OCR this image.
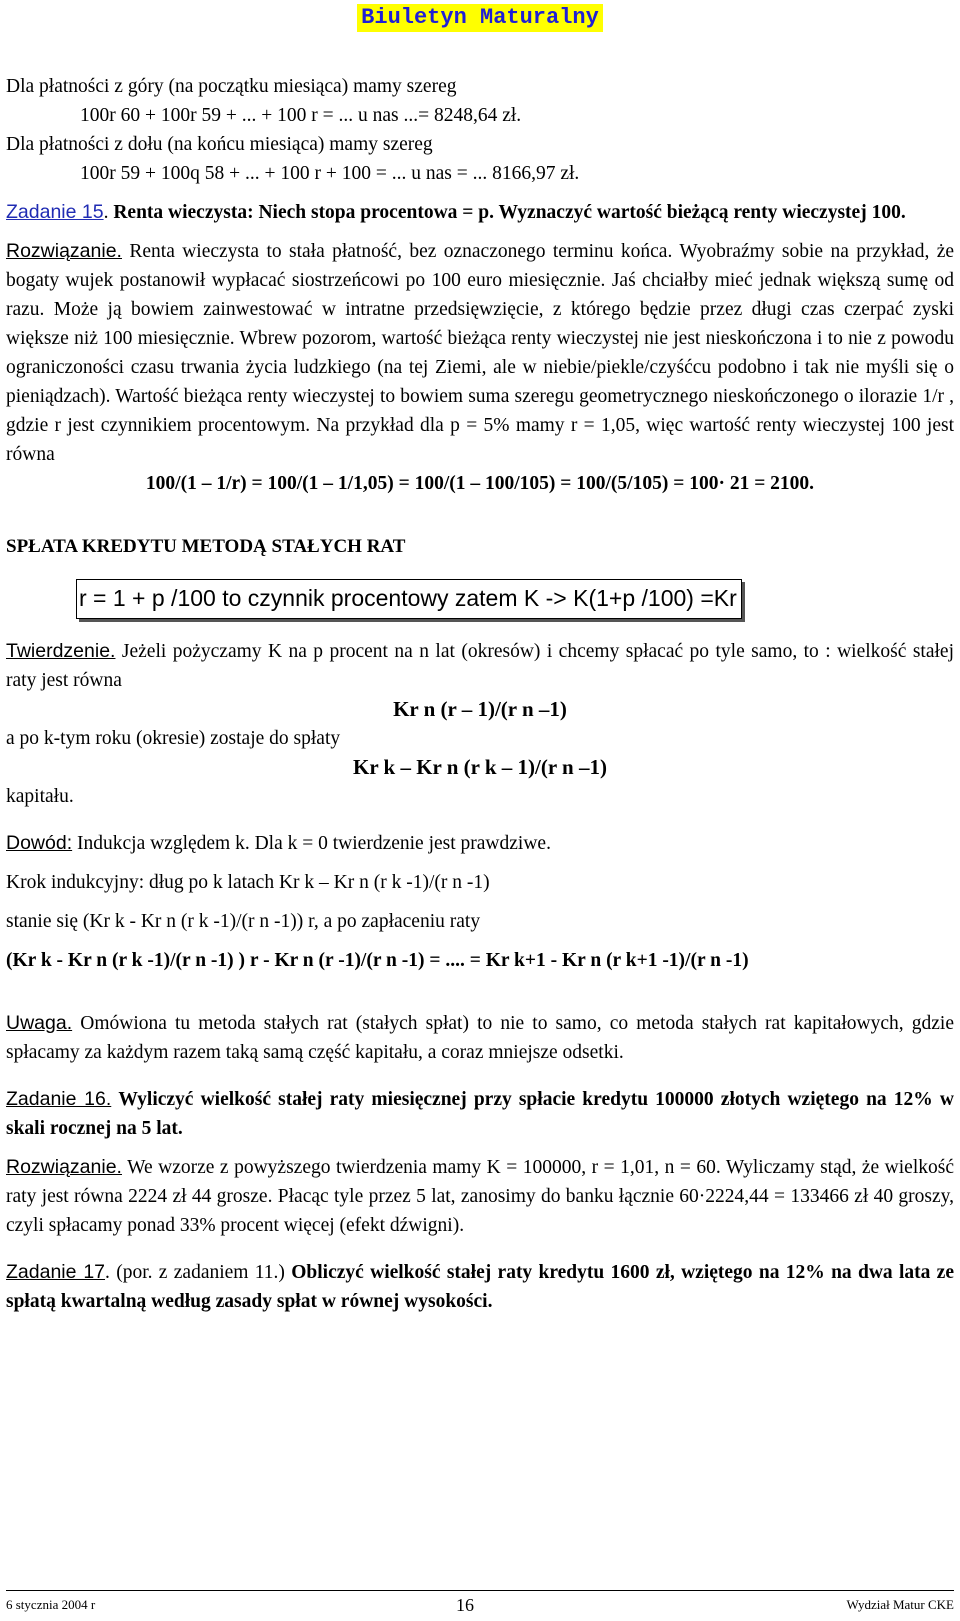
Biuletyn Maturalny

Dla płatności z góry (na początku miesiąca) mamy szereg

100r 60 + 100r 59 + ... + 100 r = ... u nas ...= 8248,64 zł.

Dla płatności z dołu (na końcu miesiąca) mamy szereg

100r 59 + 100q 58 + ... + 100 r + 100 = ... u nas = ... 8166,97 zł.

Zadanie 15. Renta wieczysta: Niech stopa procentowa = p. Wyznaczyć wartość bieżącą renty wieczystej 100.

Rozwiązanie. Renta wieczysta to stała płatność, bez oznaczonego terminu końca. Wyobraźmy sobie na przykład, że bogaty wujek postanowił wypłacać siostrzeńcowi po 100 euro miesięcznie. Jaś chciałby mieć jednak większą sumę od razu. Może ją bowiem zainwestować w intratne przedsięwzięcie, z którego będzie przez długi czas czerpać zyski większe niż 100 miesięcznie. Wbrew pozorom, wartość bieżąca renty wieczystej nie jest nieskończona i to nie z powodu ograniczoności czasu trwania życia ludzkiego (na tej Ziemi, ale w niebie/piekle/czyśćcu podobno i tak nie myśli się o pieniądzach). Wartość bieżąca renty wieczystej to bowiem suma szeregu geometrycznego nieskończonego o ilorazie 1/r , gdzie r jest czynnikiem procentowym. Na przykład dla p = 5% mamy r = 1,05, więc wartość renty wieczystej 100 jest równa

100/(1 – 1/r) = 100/(1 – 1/1,05) = 100/(1 – 100/105) = 100/(5/105) = 100· 21 = 2100.

SPŁATA KREDYTU METODĄ STAŁYCH RAT

r = 1 + p /100 to czynnik procentowy zatem K -> K(1+p /100) =Kr

Twierdzenie. Jeżeli pożyczamy K na p procent na n lat (okresów) i chcemy spłacać po tyle samo, to : wielkość stałej raty jest równa

Kr n (r – 1)/(r n –1)

a po k-tym roku (okresie) zostaje do spłaty

Kr k – Kr n (r k – 1)/(r n –1)

kapitału.

Dowód: Indukcja względem k. Dla k = 0 twierdzenie jest prawdziwe.

Krok indukcyjny: dług po k latach Kr k – Kr n (r k -1)/(r n -1)

stanie się (Kr k - Kr n (r k -1)/(r n -1)) r, a po zapłaceniu raty

(Kr k - Kr n (r k -1)/(r n -1) ) r - Kr n (r -1)/(r n -1) = .... = Kr k+1 - Kr n (r k+1 -1)/(r n -1)

Uwaga. Omówiona tu metoda stałych rat (stałych spłat) to nie to samo, co metoda stałych rat kapitałowych, gdzie spłacamy za każdym razem taką samą część kapitału, a coraz mniejsze odsetki.

Zadanie 16. Wyliczyć wielkość stałej raty miesięcznej przy spłacie kredytu 100000 złotych wziętego na 12% w skali rocznej na 5 lat.

Rozwiązanie. We wzorze z powyższego twierdzenia mamy K = 100000, r = 1,01, n = 60. Wyliczamy stąd, że wielkość raty jest równa 2224 zł 44 grosze. Płacąc tyle przez 5 lat, zanosimy do banku łącznie 60·2224,44 = 133466 zł 40 groszy, czyli spłacamy ponad 33% procent więcej (efekt dźwigni).

Zadanie 17. (por. z zadaniem 11.) Obliczyć wielkość stałej raty kredytu 1600 zł, wziętego na 12% na dwa lata ze spłatą kwartalną według zasady spłat w równej wysokości.

6 stycznia 2004 r	16	Wydział Matur CKE
